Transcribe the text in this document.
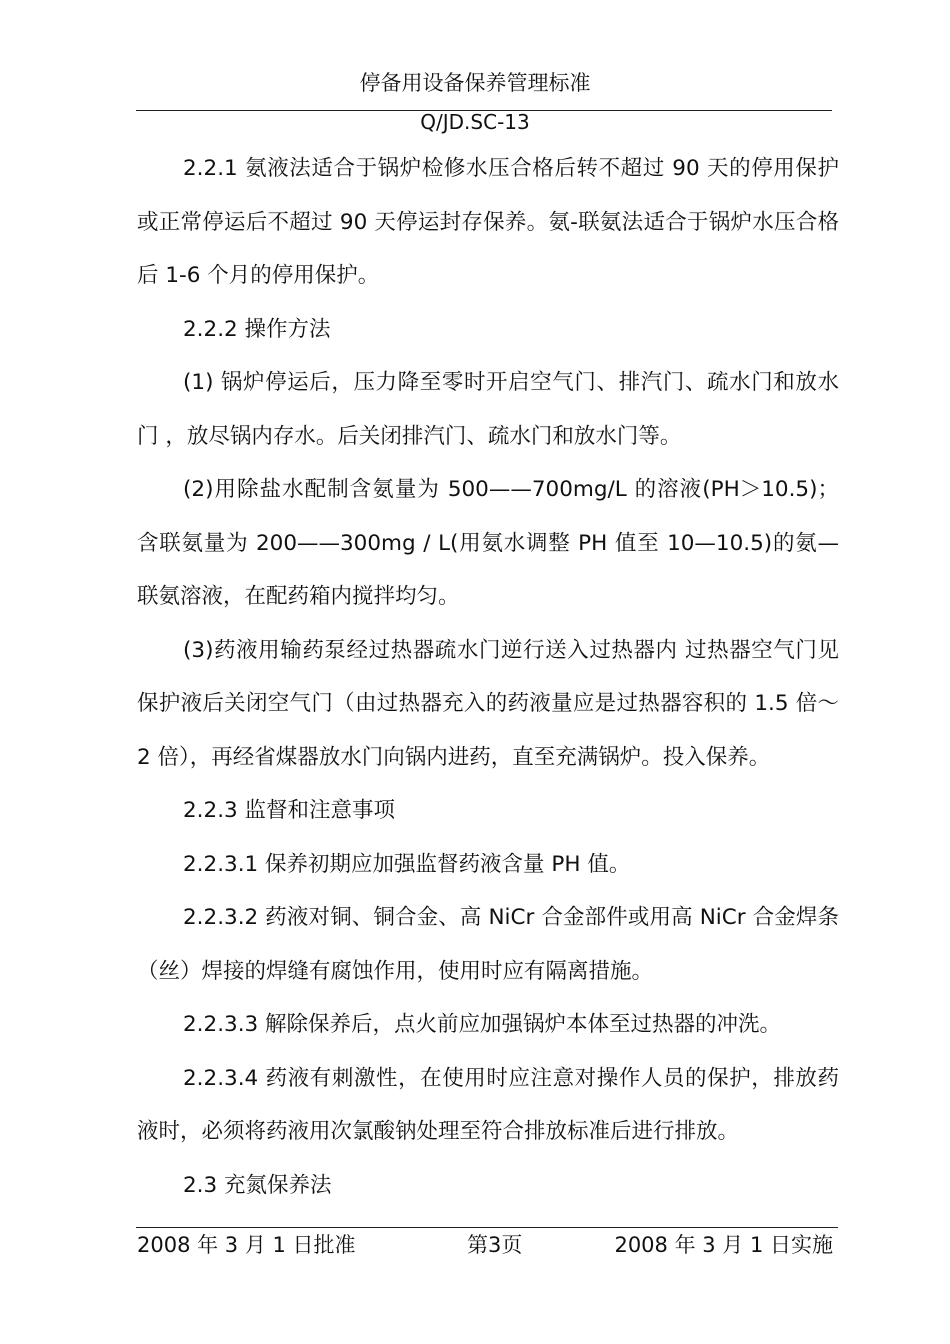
停备用设备保养管理标准
Q/JD.SC-13

2.2.1 氨液法适合于锅炉检修水压合格后转不超过 90 天的停用保护或正常停运后不超过 90 天停运封存保养。氨-联氨法适合于锅炉水压合格后 1-6 个月的停用保护。

2.2.2 操作方法

(1) 锅炉停运后，压力降至零时开启空气门、排汽门、疏水门和放水门 ，放尽锅内存水。后关闭排汽门、疏水门和放水门等。

(2)用除盐水配制含氨量为 500——700mg/L 的溶液(PH＞10.5)；含联氨量为 200——300mg / L(用氨水调整 PH 值至 10—10.5)的氨—联氨溶液，在配药箱内搅拌均匀。

(3)药液用输药泵经过热器疏水门逆行送入过热器内 过热器空气门见保护液后关闭空气门（由过热器充入的药液量应是过热器容积的 1.5 倍～2 倍），再经省煤器放水门向锅内进药，直至充满锅炉。投入保养。

2.2.3 监督和注意事项

2.2.3.1 保养初期应加强监督药液含量 PH 值。

2.2.3.2 药液对铜、铜合金、高 NiCr 合金部件或用高 NiCr 合金焊条（丝）焊接的焊缝有腐蚀作用，使用时应有隔离措施。

2.2.3.3 解除保养后，点火前应加强锅炉本体至过热器的冲洗。

2.2.3.4 药液有刺激性，在使用时应注意对操作人员的保护，排放药液时，必须将药液用次氯酸钠处理至符合排放标准后进行排放。

2.3 充氮保养法

2008 年 3 月 1 日批准	第3页	2008 年 3 月 1 日实施
